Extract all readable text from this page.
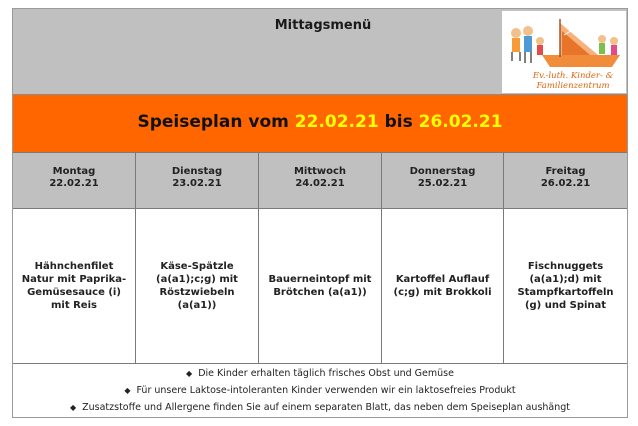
Mittagsmenü
Ev.-luth. Kinder- &
Familienzentrum
Speiseplan vom 22.02.21 bis 26.02.21
Montag
22.02.21
Dienstag
23.02.21
Mittwoch
24.02.21
Donnerstag
25.02.21
Freitag
26.02.21
Hähnchenfilet Natur mit Paprika-Gemüsesauce (i) mit Reis
Käse-Spätzle (a(a1);c;g) mit Röstzwiebeln (a(a1))
Bauerneintopf mit Brötchen (a(a1))
Kartoffel Auflauf (c;g) mit Brokkoli
Fischnuggets (a(a1);d) mit Stampfkartoffeln (g) und Spinat
◆ Die Kinder erhalten täglich frisches Obst und Gemüse
◆ Für unsere Laktose-intoleranten Kinder verwenden wir ein laktosefreies Produkt
◆ Zusatzstoffe und Allergene finden Sie auf einem separaten Blatt, das neben dem Speiseplan aushängt
